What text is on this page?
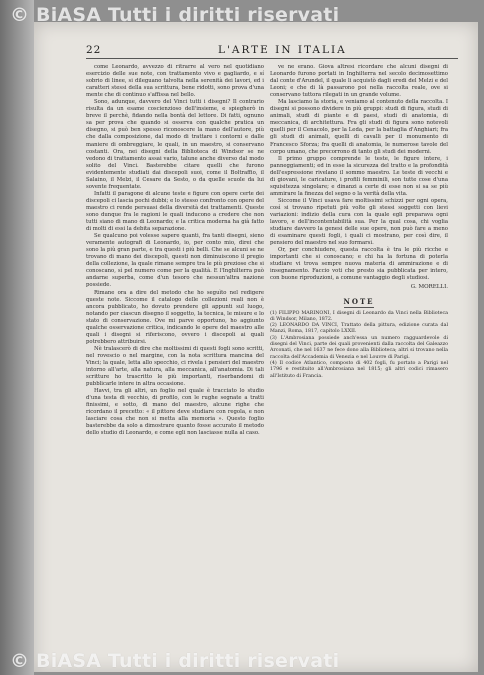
© BiASA Tutti i diritti riservati
22	L'ARTE IN ITALIA

come Leonardo, avvezzo di ritrarre al vero nel quotidiano esercizio delle sue note, con trattamento vivo e gagliardo, e sí sobrio di linee, si dileguano talvolta nella serenità dei lavori, ed i caratteri stessi della sua scrittura, bene ridotti, sono prova d'una mente che di continuo s'affissa nel bello.

Sono, adunque, davvero del Vinci tutti i disegni? Il contrario risulta da un esame coscienzioso dell'insieme, e spiegherò in breve il perchè, fidando nella bontà del lettore. Di fatti, ognuno sa per prova che quando si osserva con qualche pratica un disegno, si può ben spesso riconoscere la mano dell'autore, più che dalla composizione, dal modo di trattare i contorni e dalle maniere di ombreggiare, le quali, in un maestro, si conservano costanti. Ora, nei disegni della Biblioteca di Windsor se ne vedono di trattamento assai vario, talune anche diverso dal modo solito del Vinci. Basterebbe citare quelli che furono evidentemente studiati dai discepoli suoi, come il Boltraffio, il Salaino, il Melzi, il Cesare da Sesto, o da quelle scuole da lui sovente frequentate.

Infatti il paragone di alcune teste e figure con opere certe dei discepoli ci lascia pochi dubbi; e lo stesso confronto con opere del maestro ci rende persuasi della diversità dei trattamenti. Queste sono dunque fra le ragioni le quali inducono a credere che non tutti siano di mano di Leonardo; e la critica moderna ha già fatto di molti di essi la debita separazione.

Se qualcuno poi volesse sapere quanti, fra tanti disegni, sieno veramente autografi di Leonardo, io, per conto mio, direi che sono la più gran parte, e tra questi i più belli. Che se alcuni se ne trovano di mano dei discepoli, questi non diminuiscono il pregio della collezione, la quale rimane sempre tra le più preziose che si conoscano, sì pel numero come per la qualità. E l'Inghilterra può andarne superba, come d'un tesoro che nessun'altra nazione possiede.

Rimane ora a dire del metodo che ho seguìto nel redigere queste note. Siccome il catalogo delle collezioni reali non è ancora pubblicato, ho dovuto prendere gli appunti sul luogo, notando per ciascun disegno il soggetto, la tecnica, le misure e lo stato di conservazione. Ove mi parve opportuno, ho aggiunto qualche osservazione critica, indicando le opere del maestro alle quali i disegni si riferiscono, ovvero i discepoli ai quali potrebbero attribuirsi.

Nè tralascerò di dire che moltissimi di questi fogli sono scritti, nel rovescio o nel margine, con la nota scrittura mancina del Vinci; la quale, letta allo specchio, ci rivela i pensieri del maestro intorno all'arte, alla natura, alla meccanica, all'anatomia. Di tali scritture ho trascritto le più importanti, riserbandomi di pubblicarle intere in altra occasione.

Havvi, tra gli altri, un foglio nel quale è tracciato lo studio d'una testa di vecchio, di profilo, con le rughe segnate a tratti finissimi, e sotto, di mano del maestro, alcune righe che ricordano il precetto: « il pittore deve studiare con regola, e non lasciare cosa che non si metta alla memoria ». Questo foglio basterebbe da solo a dimostrare quanto fosse accurato il metodo dello studio di Leonardo, e come egli non lasciasse nulla al caso.

ve ne erano. Giova altresì ricordare che alcuni disegni di Leonardo furono portati in Inghilterra nel secolo decimosettimo dal conte d'Arundel, il quale li acquistò dagli eredi del Melzi e del Leoni; e che di là passarono poi nella raccolta reale, ove si conservano tuttora rilegati in un grande volume.

Ma lasciamo la storia, e veniamo al contenuto della raccolta. I disegni si possono dividere in più gruppi: studi di figura, studi di animali, studi di piante e di paesi, studi di anatomia, di meccanica, di architettura. Fra gli studi di figura sono notevoli quelli per il Cenacolo, per la Leda, per la battaglia d'Anghiari; fra gli studi di animali, quelli di cavalli per il monumento di Francesco Sforza; fra quelli di anatomia, le numerose tavole del corpo umano, che precorrono di tanto gli studi dei moderni.

Il primo gruppo comprende le teste, le figure intere, i panneggiamenti; ed in esse la sicurezza del tratto e la profondità dell'espressione rivelano il sommo maestro. Le teste di vecchi e di giovani, le caricature, i profili femminili, son tutte cose d'una squisitezza singolare; e dinanzi a certe di esse non si sa se più ammirare la finezza del segno o la verità della vita.

Siccome il Vinci usava fare moltissimi schizzi per ogni opera, così si trovano ripetuti più volte gli stessi soggetti con lievi variazioni: indizio della cura con la quale egli preparava ogni lavoro, e dell'incontentabilità sua. Per la qual cosa, chi voglia studiare davvero la genesi delle sue opere, non può fare a meno di esaminare questi fogli, i quali ci mostrano, per così dire, il pensiero del maestro nel suo formarsi.

Or, per conchiudere, questa raccolta è tra le più ricche e importanti che si conoscano; e chi ha la fortuna di poterla studiare vi trova sempre nuova materia di ammirazione e di insegnamento. Faccio voti che presto sia pubblicata per intero, con buone riproduzioni, a comune vantaggio degli studiosi.

G. MORELLI.

NOTE

(1) FILIPPO MARINONI, I disegni di Leonardo da Vinci nella Biblioteca di Windsor, Milano, 1872.

(2) LEONARDO DA VINCI, Trattato della pittura, edizione curata dal Manzi, Roma, 1817, capitolo LXXII.

(3) L'Ambrosiana possiede anch'essa un numero ragguardevole di disegni del Vinci, parte dei quali provenienti dalla raccolta del Galeazzo Arconati, che nel 1637 ne fece dono alla Biblioteca; altri si trovano nella raccolta dell'Accademia di Venezia e nel Louvre di Parigi.

(4) Il codice Atlantico, composto di 402 fogli, fu portato a Parigi nel 1796 e restituito all'Ambrosiana nel 1815; gli altri codici rimasero all'Istituto di Francia.

© BiASA Tutti i diritti riservati
